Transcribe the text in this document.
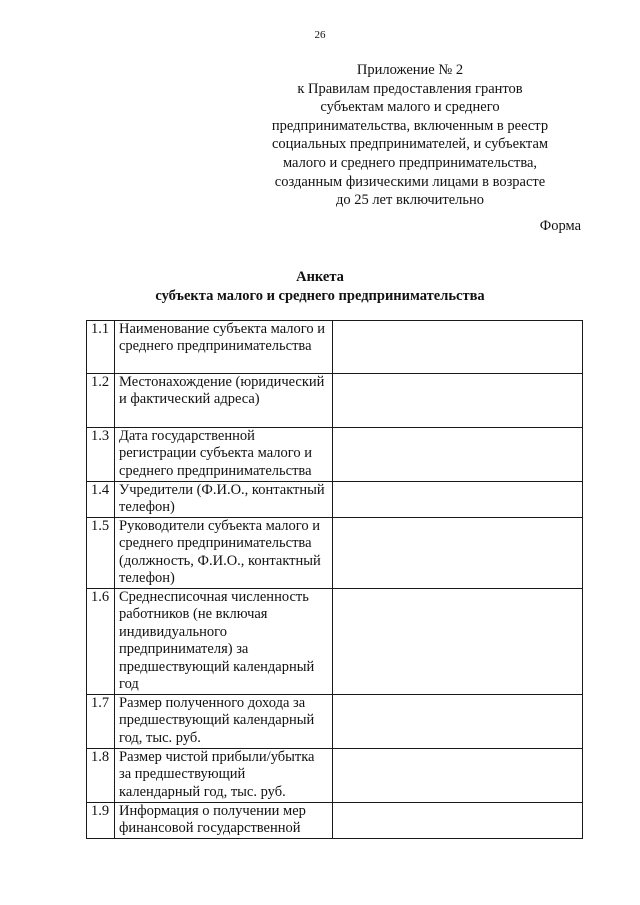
26
Приложение № 2
к Правилам предоставления грантов
субъектам малого и среднего
предпринимательства, включенным в реестр
социальных предпринимателей, и субъектам
малого и среднего предпринимательства,
созданным физическими лицами в возрасте
до 25 лет включительно
Форма
Анкета
субъекта малого и среднего предпринимательства
1.1	Наименование субъекта малого и среднего предпринимательства	
1.2	Местонахождение (юридический и фактический адреса)	
1.3	Дата государственной регистрации субъекта малого и среднего предпринимательства	
1.4	Учредители (Ф.И.О., контактный телефон)	
1.5	Руководители субъекта малого и среднего предпринимательства (должность, Ф.И.О., контактный телефон)	
1.6	Среднесписочная численность работников (не включая индивидуального предпринимателя) за предшествующий календарный год	
1.7	Размер полученного дохода за предшествующий календарный год, тыс. руб.	
1.8	Размер чистой прибыли/убытка за предшествующий календарный год, тыс. руб.	
1.9	Информация о получении мер финансовой государственной	
